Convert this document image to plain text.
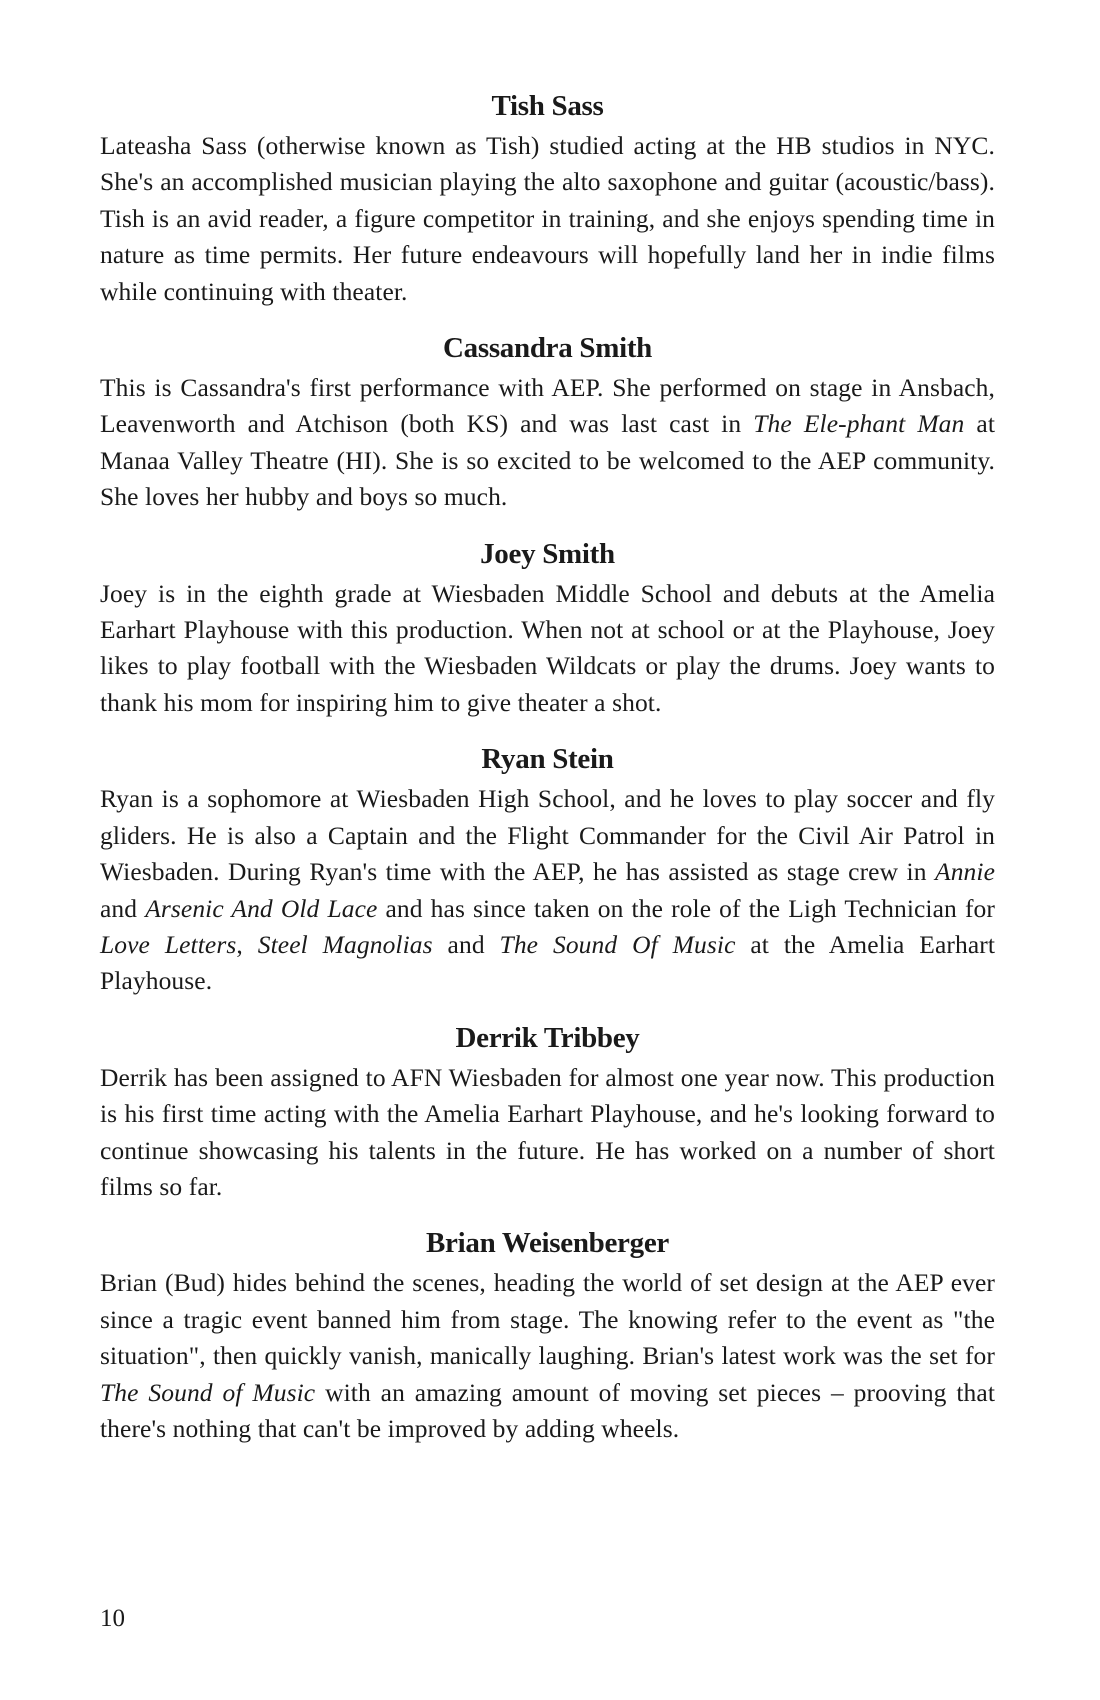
Tish Sass

Lateasha Sass (otherwise known as Tish) studied acting at the HB studios in NYC. She's an accomplished musician playing the alto saxophone and guitar (acoustic/bass). Tish is an avid reader, a figure competitor in training, and she enjoys spending time in nature as time permits. Her future endeavours will hopefully land her in indie films while continuing with theater.

Cassandra Smith

This is Cassandra's first performance with AEP. She performed on stage in Ansbach, Leavenworth and Atchison (both KS) and was last cast in The Ele-phant Man at Manaa Valley Theatre (HI). She is so excited to be welcomed to the AEP community. She loves her hubby and boys so much.

Joey Smith

Joey is in the eighth grade at Wiesbaden Middle School and debuts at the Amelia Earhart Playhouse with this production. When not at school or at the Playhouse, Joey likes to play football with the Wiesbaden Wildcats or play the drums. Joey wants to thank his mom for inspiring him to give theater a shot.

Ryan Stein

Ryan is a sophomore at Wiesbaden High School, and he loves to play soccer and fly gliders. He is also a Captain and the Flight Commander for the Civil Air Patrol in Wiesbaden. During Ryan's time with the AEP, he has assisted as stage crew in Annie and Arsenic And Old Lace and has since taken on the role of the Ligh Technician for Love Letters, Steel Magnolias and The Sound Of Music at the Amelia Earhart Playhouse.

Derrik Tribbey

Derrik has been assigned to AFN Wiesbaden for almost one year now. This production is his first time acting with the Amelia Earhart Playhouse, and he's looking forward to continue showcasing his talents in the future. He has worked on a number of short films so far.

Brian Weisenberger

Brian (Bud) hides behind the scenes, heading the world of set design at the AEP ever since a tragic event banned him from stage. The knowing refer to the event as "the situation", then quickly vanish, manically laughing. Brian's latest work was the set for The Sound of Music with an amazing amount of moving set pieces – prooving that there's nothing that can't be improved by adding wheels.

10
